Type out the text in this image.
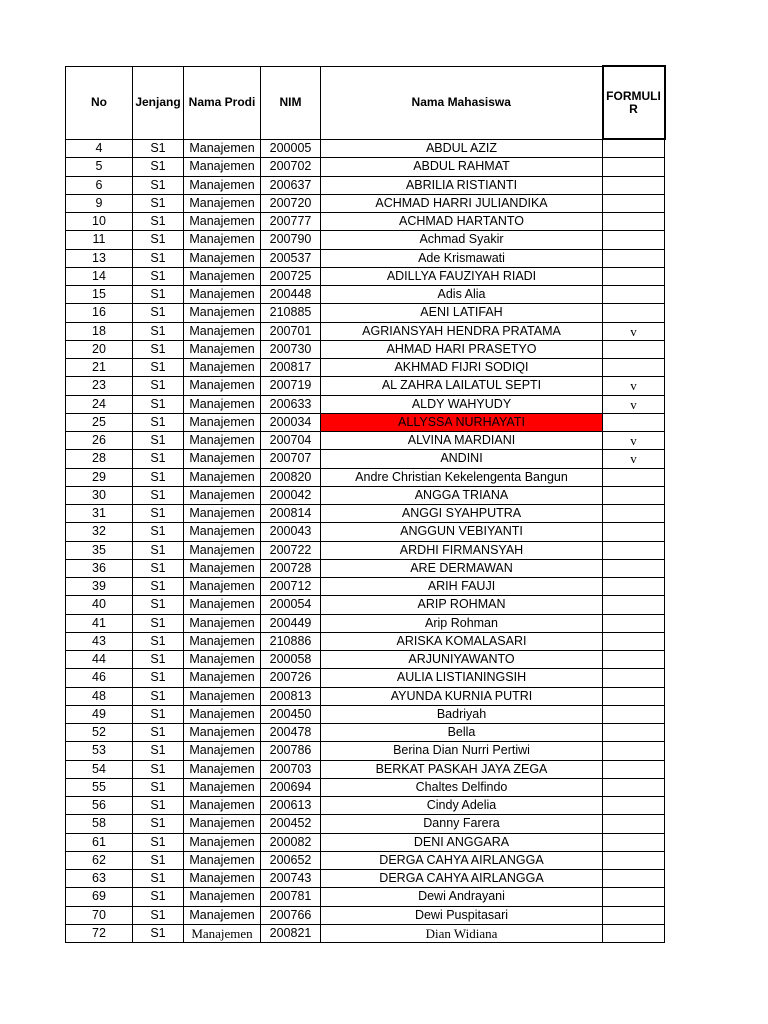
No	Jenjang	Nama Prodi	NIM	Nama Mahasiswa	FORMULI R
4	S1	Manajemen	200005	ABDUL AZIZ	
5	S1	Manajemen	200702	ABDUL RAHMAT	
6	S1	Manajemen	200637	ABRILIA RISTIANTI	
9	S1	Manajemen	200720	ACHMAD HARRI JULIANDIKA	
10	S1	Manajemen	200777	ACHMAD HARTANTO	
11	S1	Manajemen	200790	Achmad Syakir	
13	S1	Manajemen	200537	Ade Krismawati	
14	S1	Manajemen	200725	ADILLYA FAUZIYAH RIADI	
15	S1	Manajemen	200448	Adis Alia	
16	S1	Manajemen	210885	AENI LATIFAH	
18	S1	Manajemen	200701	AGRIANSYAH HENDRA PRATAMA	v
20	S1	Manajemen	200730	AHMAD HARI PRASETYO	
21	S1	Manajemen	200817	AKHMAD FIJRI SODIQI	
23	S1	Manajemen	200719	AL ZAHRA LAILATUL SEPTI	v
24	S1	Manajemen	200633	ALDY WAHYUDY	v
25	S1	Manajemen	200034	ALLYSSA NURHAYATI	
26	S1	Manajemen	200704	ALVINA MARDIANI	v
28	S1	Manajemen	200707	ANDINI	v
29	S1	Manajemen	200820	Andre Christian Kekelengenta Bangun	
30	S1	Manajemen	200042	ANGGA TRIANA	
31	S1	Manajemen	200814	ANGGI SYAHPUTRA	
32	S1	Manajemen	200043	ANGGUN VEBIYANTI	
35	S1	Manajemen	200722	ARDHI FIRMANSYAH	
36	S1	Manajemen	200728	ARE DERMAWAN	
39	S1	Manajemen	200712	ARIH FAUJI	
40	S1	Manajemen	200054	ARIP ROHMAN	
41	S1	Manajemen	200449	Arip Rohman	
43	S1	Manajemen	210886	ARISKA KOMALASARI	
44	S1	Manajemen	200058	ARJUNIYAWANTO	
46	S1	Manajemen	200726	AULIA LISTIANINGSIH	
48	S1	Manajemen	200813	AYUNDA KURNIA PUTRI	
49	S1	Manajemen	200450	Badriyah	
52	S1	Manajemen	200478	Bella	
53	S1	Manajemen	200786	Berina Dian Nurri Pertiwi	
54	S1	Manajemen	200703	BERKAT PASKAH JAYA ZEGA	
55	S1	Manajemen	200694	Chaltes Delfindo	
56	S1	Manajemen	200613	Cindy Adelia	
58	S1	Manajemen	200452	Danny Farera	
61	S1	Manajemen	200082	DENI ANGGARA	
62	S1	Manajemen	200652	DERGA CAHYA AIRLANGGA	
63	S1	Manajemen	200743	DERGA CAHYA AIRLANGGA	
69	S1	Manajemen	200781	Dewi Andrayani	
70	S1	Manajemen	200766	Dewi Puspitasari	
72	S1	Manajemen	200821	Dian Widiana	
